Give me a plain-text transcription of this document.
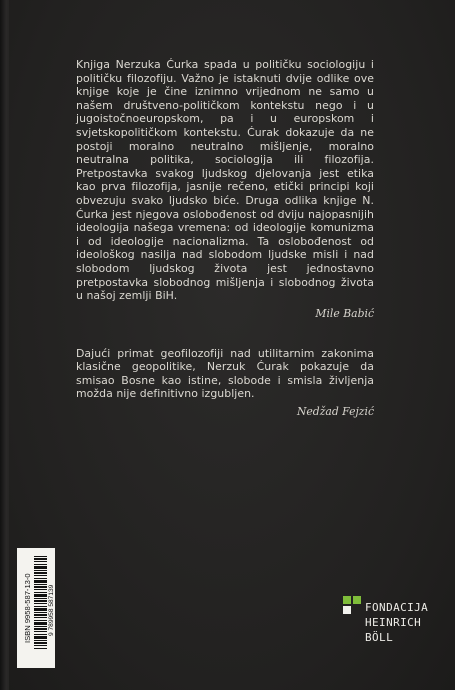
Knjiga Nerzuka Ćurka spada u političku sociologiju i političku filozofiju. Važno je istaknuti dvije odlike ove knjige koje je čine iznimno vrijednom ne samo u našem društveno-političkom kontekstu nego i u jugoistočnoeuropskom, pa i u europskom i svjetskopolitičkom kontekstu. Ćurak dokazuje da ne postoji moralno neutralno mišljenje, moralno neutralna politika, sociologija ili filozofija. Pretpostavka svakog ljudskog djelovanja jest etika kao prva filozofija, jasnije rečeno, etički principi koji obvezuju svako ljudsko biće. Druga odlika knjige N. Ćurka jest njegova oslobođenost od dviju najopasnijih ideologija našega vremena: od ideologije komunizma i od ideologije nacionalizma. Ta oslobođenost od ideološkog nasilja nad slobodom ljudske misli i nad slobodom ljudskog života jest jednostavno pretpostavka slobodnog mišljenja i slobodnog života u našoj zemlji BiH.

Mile Babić

Dajući primat geofilozofiji nad utilitarnim zakonima klasične geopolitike, Nerzuk Ćurak pokazuje da smisao Bosne kao istine, slobode i smisla življenja možda nije definitivno izgubljen.

Nedžad Fejzić

ISBN 9958-587-13-0 9 789958 587139	FONDACIJA
HEINRICH
BÖLL
